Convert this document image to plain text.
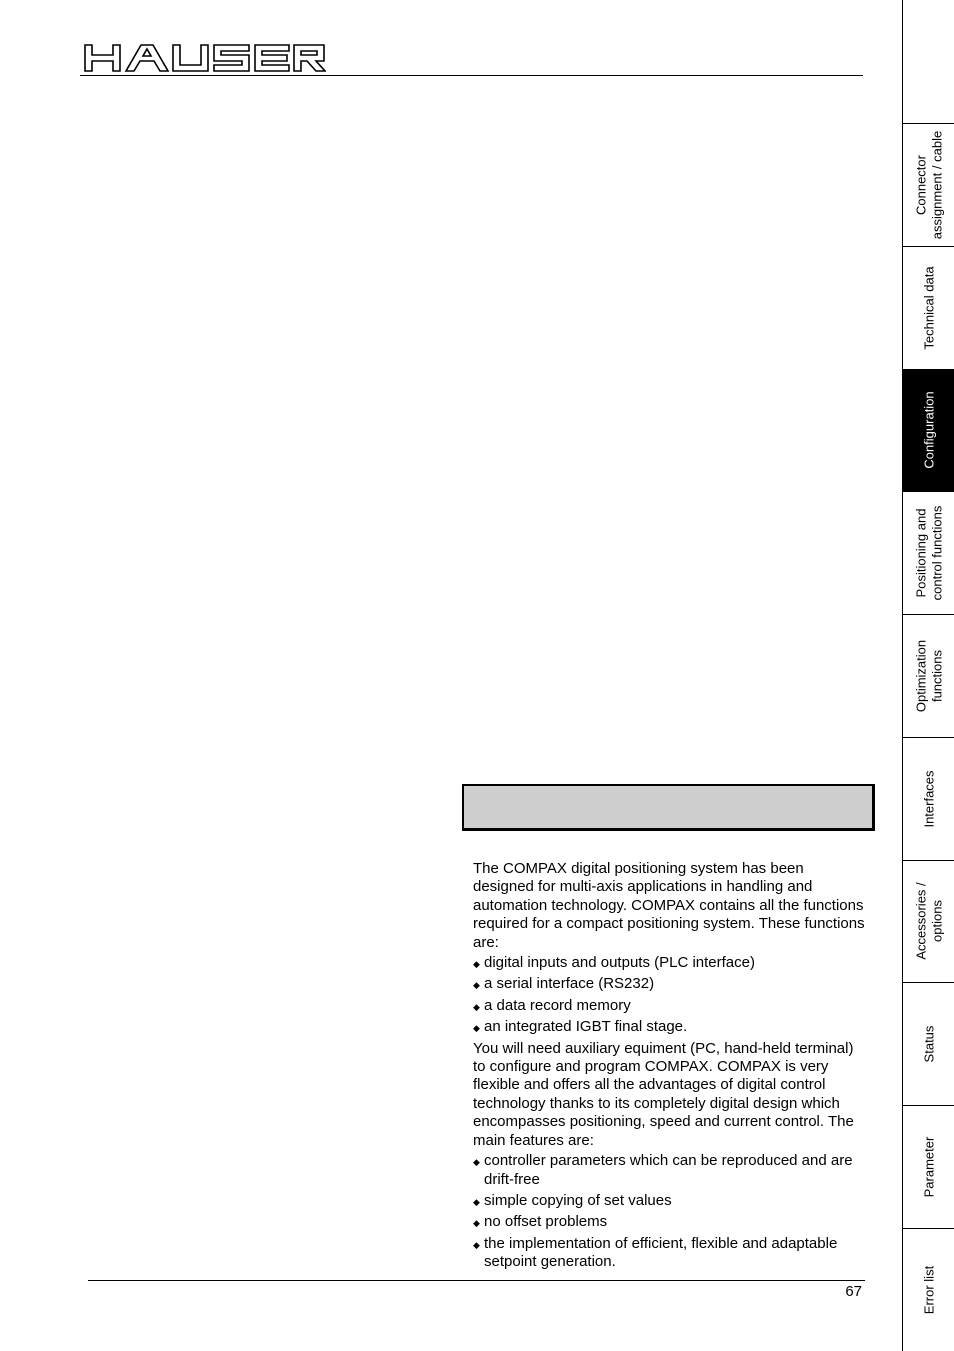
The COMPAX digital positioning system has been designed for multi-axis applications in handling and automation technology. COMPAX contains all the functions required for a compact positioning system. These functions are:

◆ digital inputs and outputs (PLC interface)
◆ a serial interface (RS232)
◆ a data record memory
◆ an integrated IGBT final stage.

You will need auxiliary equiment (PC, hand-held terminal) to configure and program COMPAX. COMPAX is very flexible and offers all the advantages of digital control technology thanks to its completely digital design which encompasses positioning, speed and current control. The main features are:

◆ controller parameters which can be reproduced and are drift-free
◆ simple copying of set values
◆ no offset problems
◆ the implementation of efficient, flexible and adaptable setpoint generation.
67
Connector
assignment / cable
Technical data
Configuration
Positioning and
control functions
Optimization
functions
Interfaces
Accessories /
options
Status
Parameter
Error list
